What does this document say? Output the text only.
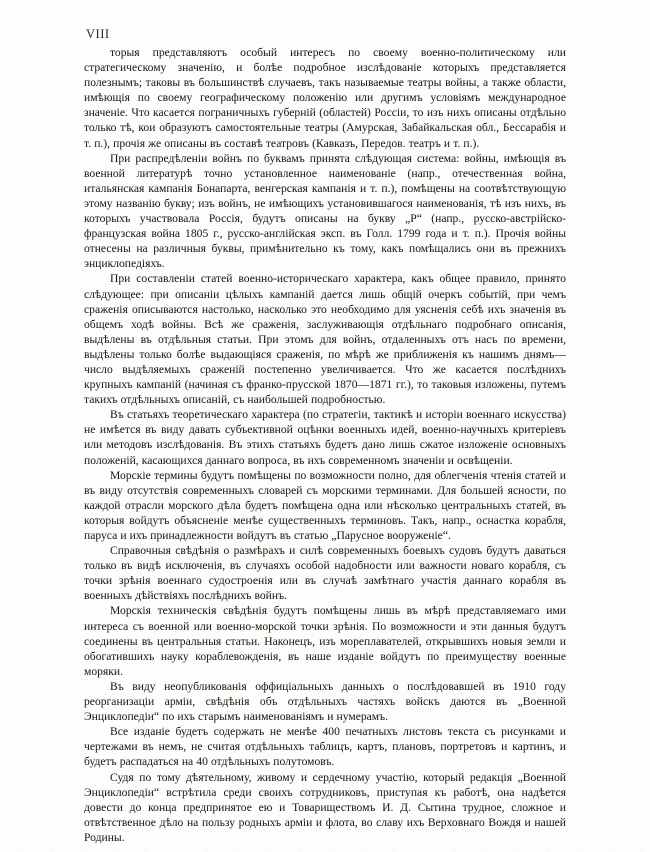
VIII

торыя представляютъ особый интересъ по своему военно-политическому или стратегическому значенію, и болѣе подробное изслѣдованіе которыхъ представляется полезнымъ; таковы въ большинствѣ случаевъ, такъ называемые театры войны, а также области, имѣющія по своему географическому положенію или другимъ условіямъ международное значеніе. Что касается пограничныхъ губерній (областей) Россіи, то изъ нихъ описаны отдѣльно только тѣ, кои образуютъ самостоятельные театры (Амурская, Забайкальская обл., Бессарабія и т. п.), прочія же описаны въ составѣ театровъ (Кавказъ, Передов. театръ и т. п.).

При распредѣленіи войнъ по буквамъ принята слѣдующая система: войны, имѣющія въ военной литературѣ точно установленное наименованіе (напр., отечественная война, итальянская кампанія Бонапарта, венгерская кампанія и т. п.), помѣщены на соотвѣтствующую этому названію букву; изъ войнъ, не имѣющихъ установившагося наименованія, тѣ изъ нихъ, въ которыхъ участвовала Россія, будутъ описаны на букву „Р“ (напр., русско-австрійско-французская война 1805 г., русско-англійская эксп. въ Голл. 1799 года и т. п.). Прочія войны отнесены на различныя буквы, примѣнительно къ тому, какъ помѣщались они въ прежнихъ энциклопедіяхъ.

При составленіи статей военно-историческаго характера, какъ общее правило, принято слѣдующее: при описаніи цѣлыхъ кампаній дается лишь общій очеркъ событій, при чемъ сраженія описываются настолько, насколько это необходимо для уясненія себѣ ихъ значенія въ общемъ ходѣ войны. Всѣ же сраженія, заслуживающія отдѣльнаго подробнаго описанія, выдѣлены въ отдѣльныя статьи. При этомъ для войнъ, отдаленныхъ отъ насъ по времени, выдѣлены только болѣе выдающіяся сраженія, по мѣрѣ же приближенія къ нашимъ днямъ—число выдѣляемыхъ сраженій постепенно увеличивается. Что же касается послѣднихъ крупныхъ кампаній (начиная съ франко-прусской 1870—1871 гг.), то таковыя изложены, путемъ такихъ отдѣльныхъ описаній, съ наибольшей подробностью.

Въ статьяхъ теоретическаго характера (по стратегіи, тактикѣ и исторіи военнаго искусства) не имѣется въ виду давать субъективной оцѣнки военныхъ идей, военно-научныхъ критеріевъ или методовъ изслѣдованія. Въ этихъ статьяхъ будетъ дано лишь сжатое изложеніе основныхъ положеній, касающихся даннаго вопроса, въ ихъ современномъ значеніи и освѣщеніи.

Морскіе термины будутъ помѣщены по возможности полно, для облегченія чтенія статей и въ виду отсутствія современныхъ словарей съ морскими терминами. Для большей ясности, по каждой отрасли морского дѣла будетъ помѣщена одна или нѣсколько центральныхъ статей, въ которыя войдутъ объясненіе менѣе существенныхъ терминовъ. Такъ, напр., оснастка корабля, паруса и ихъ принадлежности войдутъ въ статью „Парусное вооруженіе“.

Справочныя свѣдѣнія о размѣрахъ и силѣ современныхъ боевыхъ судовъ будутъ даваться только въ видѣ исключенія, въ случаяхъ особой надобности или важности новаго корабля, съ точки зрѣнія военнаго судостроенія или въ случаѣ замѣтнаго участія даннаго корабля въ военныхъ дѣйствіяхъ послѣднихъ войнъ.

Морскія техническія свѣдѣнія будутъ помѣщены лишь въ мѣрѣ представляемаго ими интереса съ военной или военно-морской точки зрѣнія. По возможности и эти данныя будутъ соединены въ центральныя статьи. Наконецъ, изъ мореплавателей, открывшихъ новыя земли и обогатившихъ науку кораблевожденія, въ наше изданіе войдутъ по преимуществу военные моряки.

Въ виду неопубликованія оффиціальныхъ данныхъ о послѣдовавшей въ 1910 году реорганизаціи арміи, свѣдѣнія объ отдѣльныхъ частяхъ войскъ даются въ „Военной Энциклопедіи“ по ихъ старымъ наименованіямъ и нумерамъ.

Все изданіе будетъ содержать не менѣе 400 печатныхъ листовъ текста съ рисунками и чертежами въ немъ, не считая отдѣльныхъ таблицъ, картъ, плановъ, портретовъ и картинъ, и будетъ распадаться на 40 отдѣльныхъ полутомовъ.

Судя по тому дѣятельному, живому и сердечному участію, который редакція „Военной Энциклопедіи“ встрѣтила среди своихъ сотрудниковъ, приступая къ работѣ, она надѣется довести до конца предпринятое ею и Товариществомъ И. Д. Сытина трудное, сложное и отвѣтственное дѣло на пользу родныхъ арміи и флота, во славу ихъ Верховнаго Вождя и нашей Родины.
